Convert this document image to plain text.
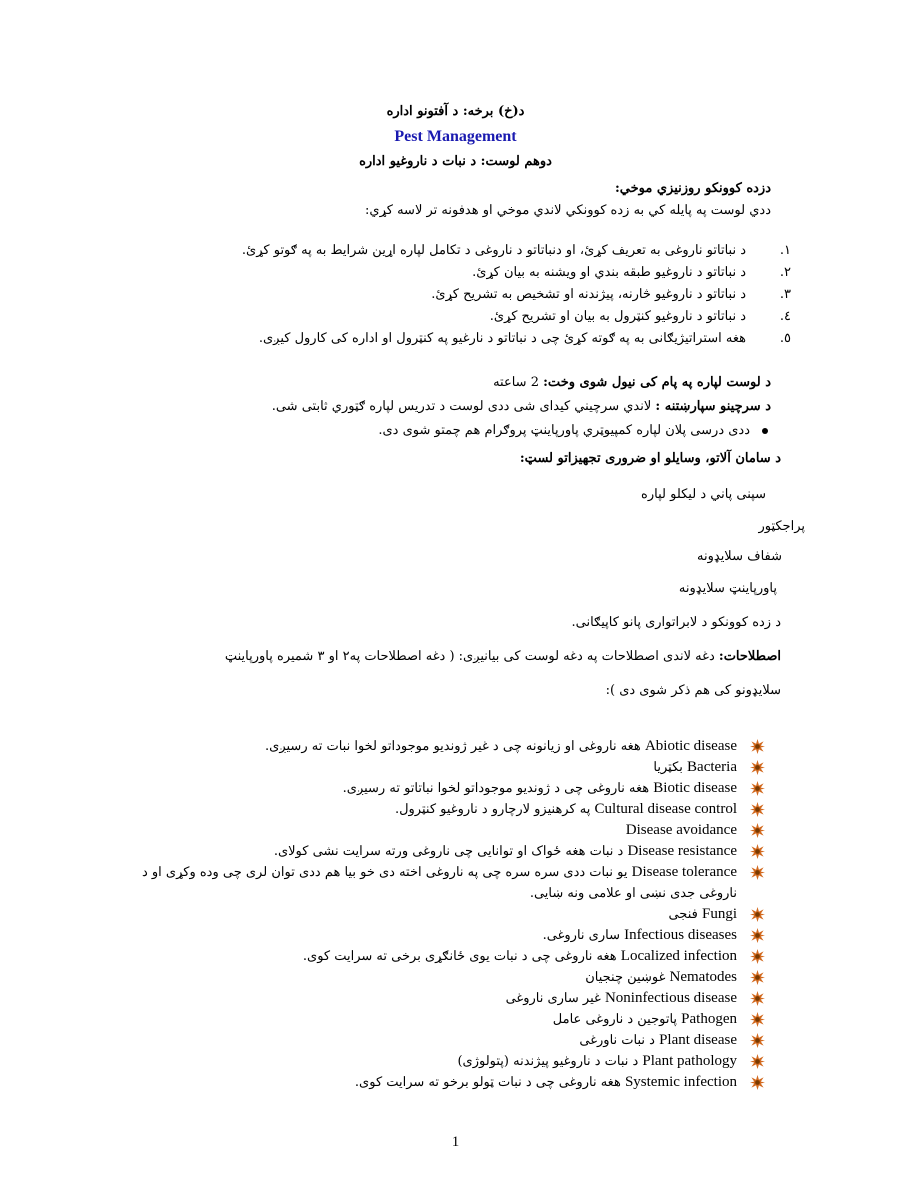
د(خ) برخه: د آفتونو اداره
Pest Management
دوهم لوست: د نبات د ناروغيو اداره
دزده کوونکو روزنيزي موخي:
ددي لوست په پايله کي به زده کوونکي لاندي موخي او هدفونه تر لاسه کړي:
١.
د نباتاتو ناروغی به تعريف کړئ، او دنباتاتو د ناروغی د تکامل لپاره اړين شرايط به په ګوتو کړئ.
٢.
د نباتاتو د ناروغيو طبقه بندي او ويشنه به بيان کړئ.
٣.
د نباتاتو د ناروغيو څارنه، پيژندنه او تشخيص به تشريح کړئ.
٤.
د نباتاتو د ناروغيو کنټرول به بيان او تشريح کړئ.
٥.
هغه استراتيژيګانی به په ګوته کړئ چی د نباتاتو د نارغيو په کنټرول او اداره کی کارول کيږی.
د لوست لپاره په پام کی نيول شوی وخت: 2 ساعته
د سرچينو سپارښتنه : لاندي سرچيني کيدای شی ددی لوست د تدريس لپاره ګټوري ثابتی شی.
ددی درسی پلان لپاره کمپيوټري پاورپاينټ پروګرام هم چمتو شوی دی.
د سامان آلاتو، وسايلو او ضروری تجهيزاتو لسټ:
سپنی پاني د ليکلو لپاره
پراجکټور
شفاف سلايډونه
پاورپاينټ سلايډونه
د زده کوونکو د لابراتواری پانو کاپيګانی.
اصطلاحات: دغه لاندی اصطلاحات په دغه لوست کی بيانيږی: ( دغه اصطلاحات په٢ او ٣ شميره پاورپاينټ
سلايډونو کی هم ذکر شوی دی ):
Abiotic disease هغه ناروغی او زيانونه چی د غير ژونديو موجوداتو لخوا نبات ته رسيږی.
Bacteria بکټريا
Biotic disease هغه ناروغی چی د ژونديو موجوداتو لخوا نباتاتو ته رسيږی.
Cultural disease control په کرهنيزو لارچارو د ناروغيو کنټرول.
Disease avoidance
Disease resistance د نبات هغه ځواک او توانايی چی ناروغی ورته سرايت نشی کولای.
Disease tolerance يو نبات ددی سره سره چی په ناروغی اخته دی خو بيا هم ددی توان لری چی وده وکړی او د ناروغی جدی نښی او علامی ونه ښايی.
Fungi فنجی
Infectious diseases ساری ناروغی.
Localized infection هغه ناروغی چی د نبات يوی ځانګړی برخی ته سرايت کوی.
Nematodes غوښين چنجيان
Noninfectious disease غير ساری ناروغی
Pathogen پاتوجين د ناروغی عامل
Plant disease د نبات ناورغی
Plant pathology د نبات د ناروغيو پيژندنه (پتولوژی)
Systemic infection هغه ناروغی چی د نبات ټولو برخو ته سرايت کوی.
1
